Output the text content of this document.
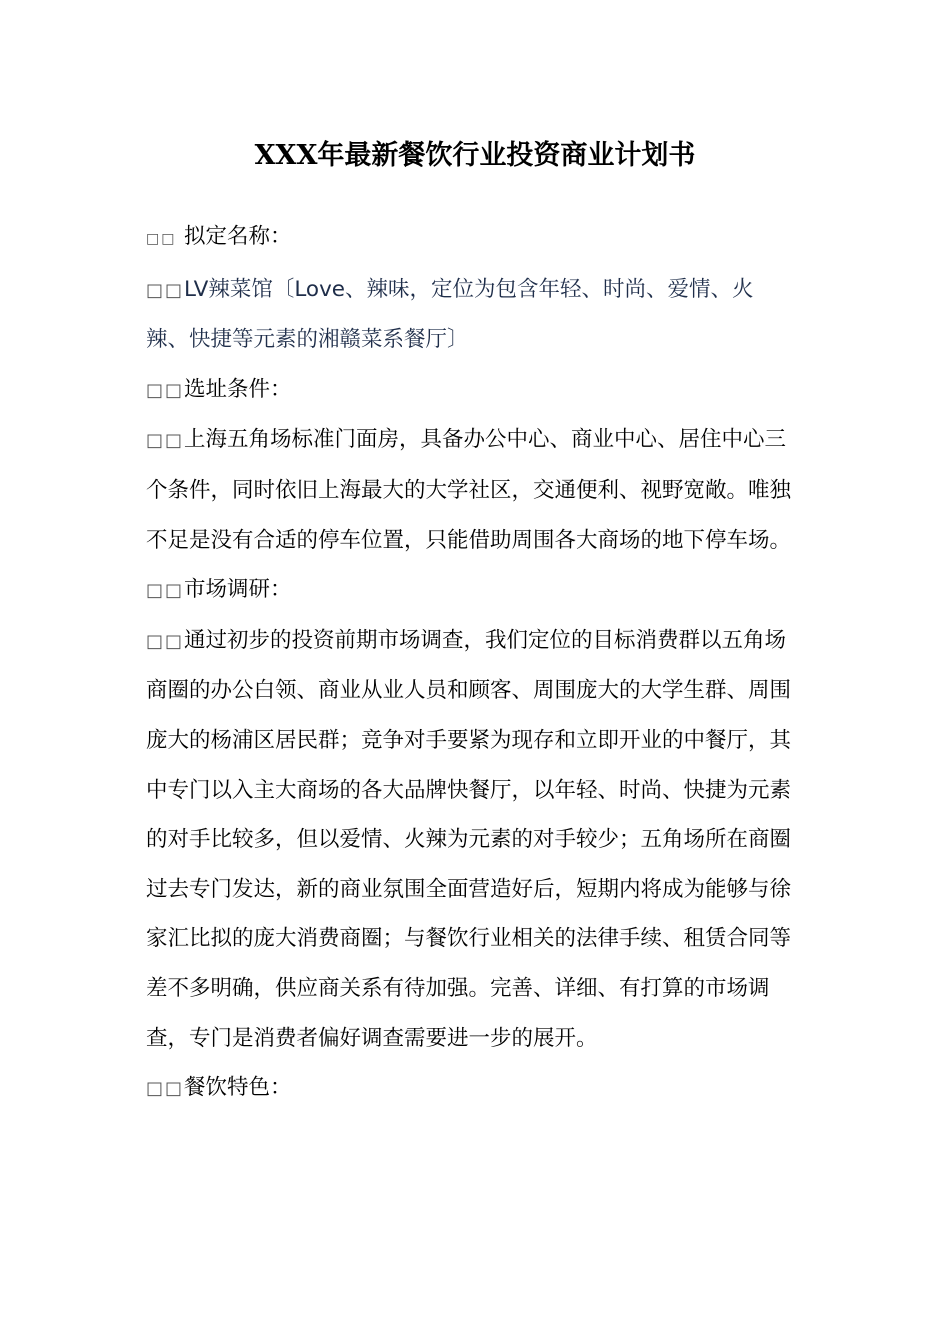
XXX年最新餐饮行业投资商业计划书

□□ 拟定名称：

□□LV辣菜馆〔Love、辣味，定位为包含年轻、时尚、爱情、火辣、快捷等元素的湘赣菜系餐厅〕

□□选址条件：

□□上海五角场标准门面房，具备办公中心、商业中心、居住中心三个条件，同时依旧上海最大的大学社区，交通便利、视野宽敞。唯独不足是没有合适的停车位置，只能借助周围各大商场的地下停车场。

□□市场调研：

□□通过初步的投资前期市场调查，我们定位的目标消费群以五角场商圈的办公白领、商业从业人员和顾客、周围庞大的大学生群、周围庞大的杨浦区居民群；竞争对手要紧为现存和立即开业的中餐厅，其中专门以入主大商场的各大品牌快餐厅，以年轻、时尚、快捷为元素的对手比较多，但以爱情、火辣为元素的对手较少；五角场所在商圈过去专门发达，新的商业氛围全面营造好后，短期内将成为能够与徐家汇比拟的庞大消费商圈；与餐饮行业相关的法律手续、租赁合同等差不多明确，供应商关系有待加强。完善、详细、有打算的市场调查，专门是消费者偏好调查需要进一步的展开。

□□餐饮特色：
